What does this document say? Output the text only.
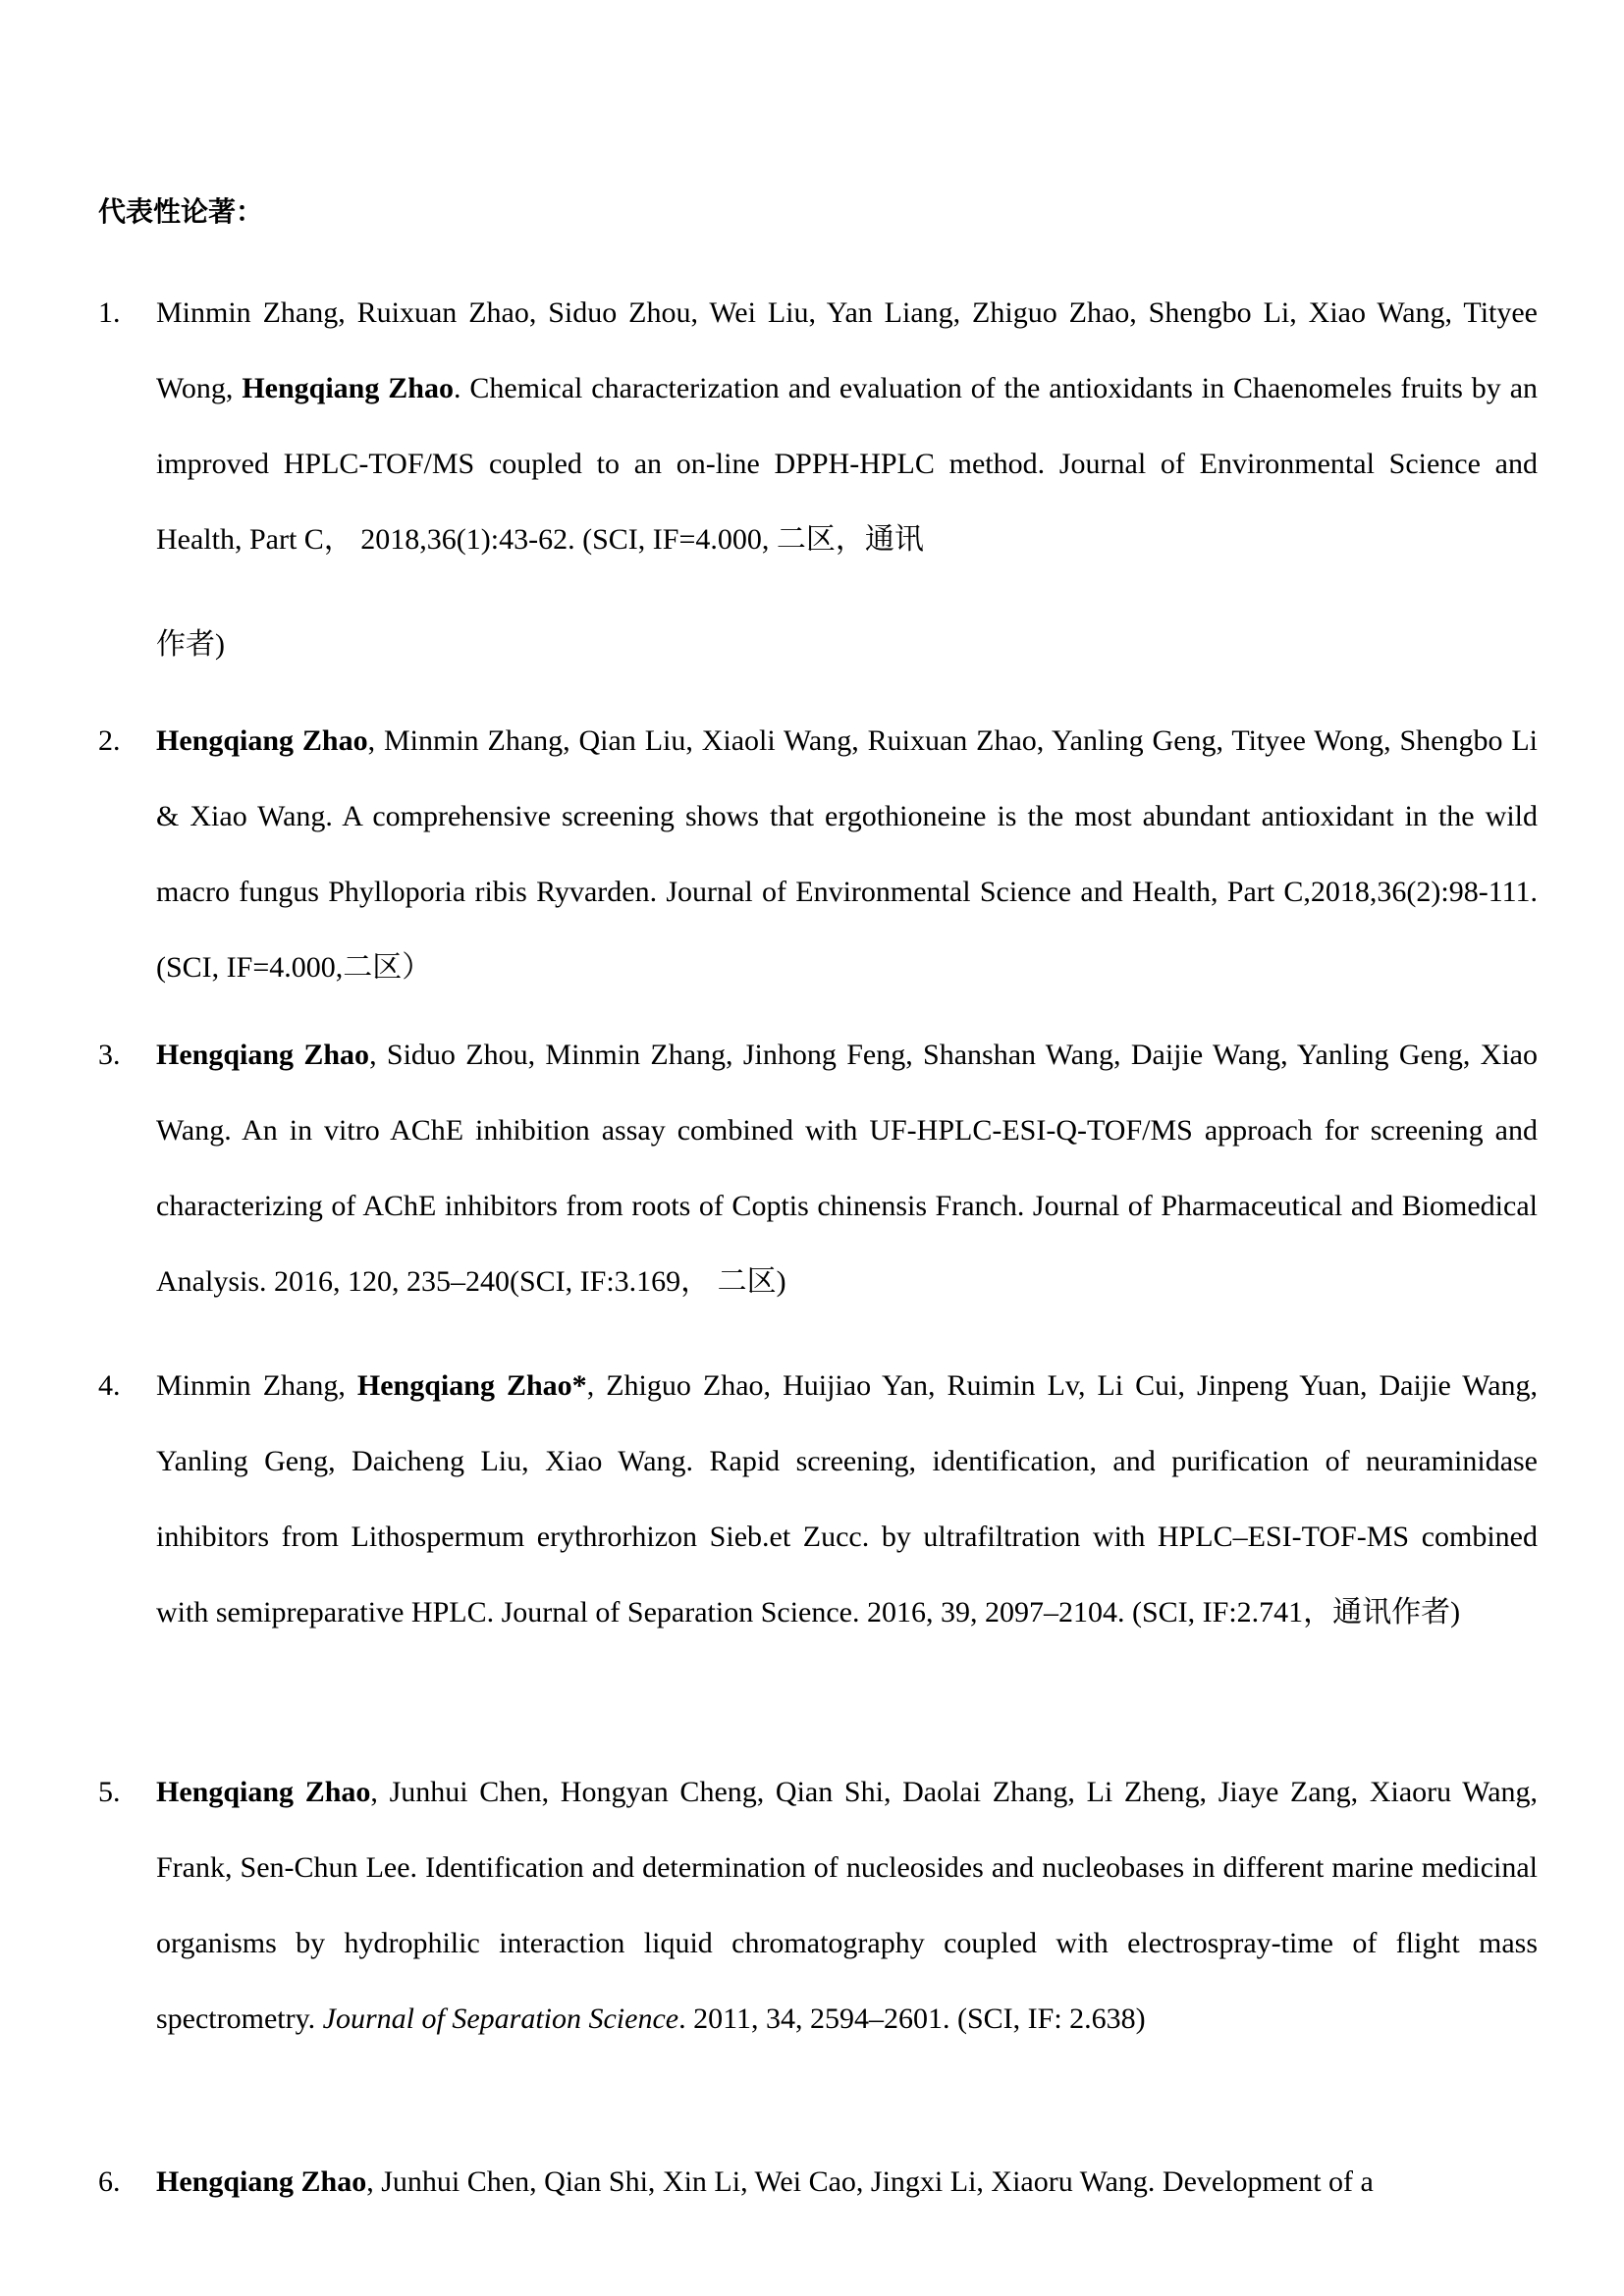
代表性论著：
1.	Minmin Zhang, Ruixuan Zhao, Siduo Zhou, Wei Liu, Yan Liang, Zhiguo Zhao, Shengbo Li, Xiao Wang, Tityee Wong, Hengqiang Zhao. Chemical characterization and evaluation of the antioxidants in Chaenomeles fruits by an improved HPLC-TOF/MS coupled to an on-line DPPH-HPLC method. Journal of Environmental Science and Health, Part C， 2018,36(1):43-62. (SCI, IF=4.000, 二区，通讯
作者)
2.	Hengqiang Zhao, Minmin Zhang, Qian Liu, Xiaoli Wang, Ruixuan Zhao, Yanling Geng, Tityee Wong, Shengbo Li & Xiao Wang. A comprehensive screening shows that ergothioneine is the most abundant antioxidant in the wild macro fungus Phylloporia ribis Ryvarden. Journal of Environmental Science and Health, Part C,2018,36(2):98-111.(SCI, IF=4.000,二区）
3.	Hengqiang Zhao, Siduo Zhou, Minmin Zhang, Jinhong Feng, Shanshan Wang, Daijie Wang, Yanling Geng, Xiao Wang. An in vitro AChE inhibition assay combined with UF-HPLC-ESI-Q-TOF/MS approach for screening and characterizing of AChE inhibitors from roots of Coptis chinensis Franch. Journal of Pharmaceutical and Biomedical Analysis. 2016, 120, 235–240(SCI, IF:3.169， 二区)
4.	Minmin Zhang, Hengqiang Zhao*, Zhiguo Zhao, Huijiao Yan, Ruimin Lv, Li Cui, Jinpeng Yuan, Daijie Wang, Yanling Geng, Daicheng Liu, Xiao Wang. Rapid screening, identification, and purification of neuraminidase inhibitors from Lithospermum erythrorhizon Sieb.et Zucc. by ultrafiltration with HPLC–ESI-TOF-MS combined with semipreparative HPLC. Journal of Separation Science. 2016, 39, 2097–2104. (SCI, IF:2.741，通讯作者)
5.	Hengqiang Zhao, Junhui Chen, Hongyan Cheng, Qian Shi, Daolai Zhang, Li Zheng, Jiaye Zang, Xiaoru Wang, Frank, Sen-Chun Lee. Identification and determination of nucleosides and nucleobases in different marine medicinal organisms by hydrophilic interaction liquid chromatography coupled with electrospray-time of flight mass spectrometry. Journal of Separation Science. 2011, 34, 2594–2601. (SCI, IF: 2.638)
6.	Hengqiang Zhao, Junhui Chen, Qian Shi, Xin Li, Wei Cao, Jingxi Li, Xiaoru Wang. Development of a
